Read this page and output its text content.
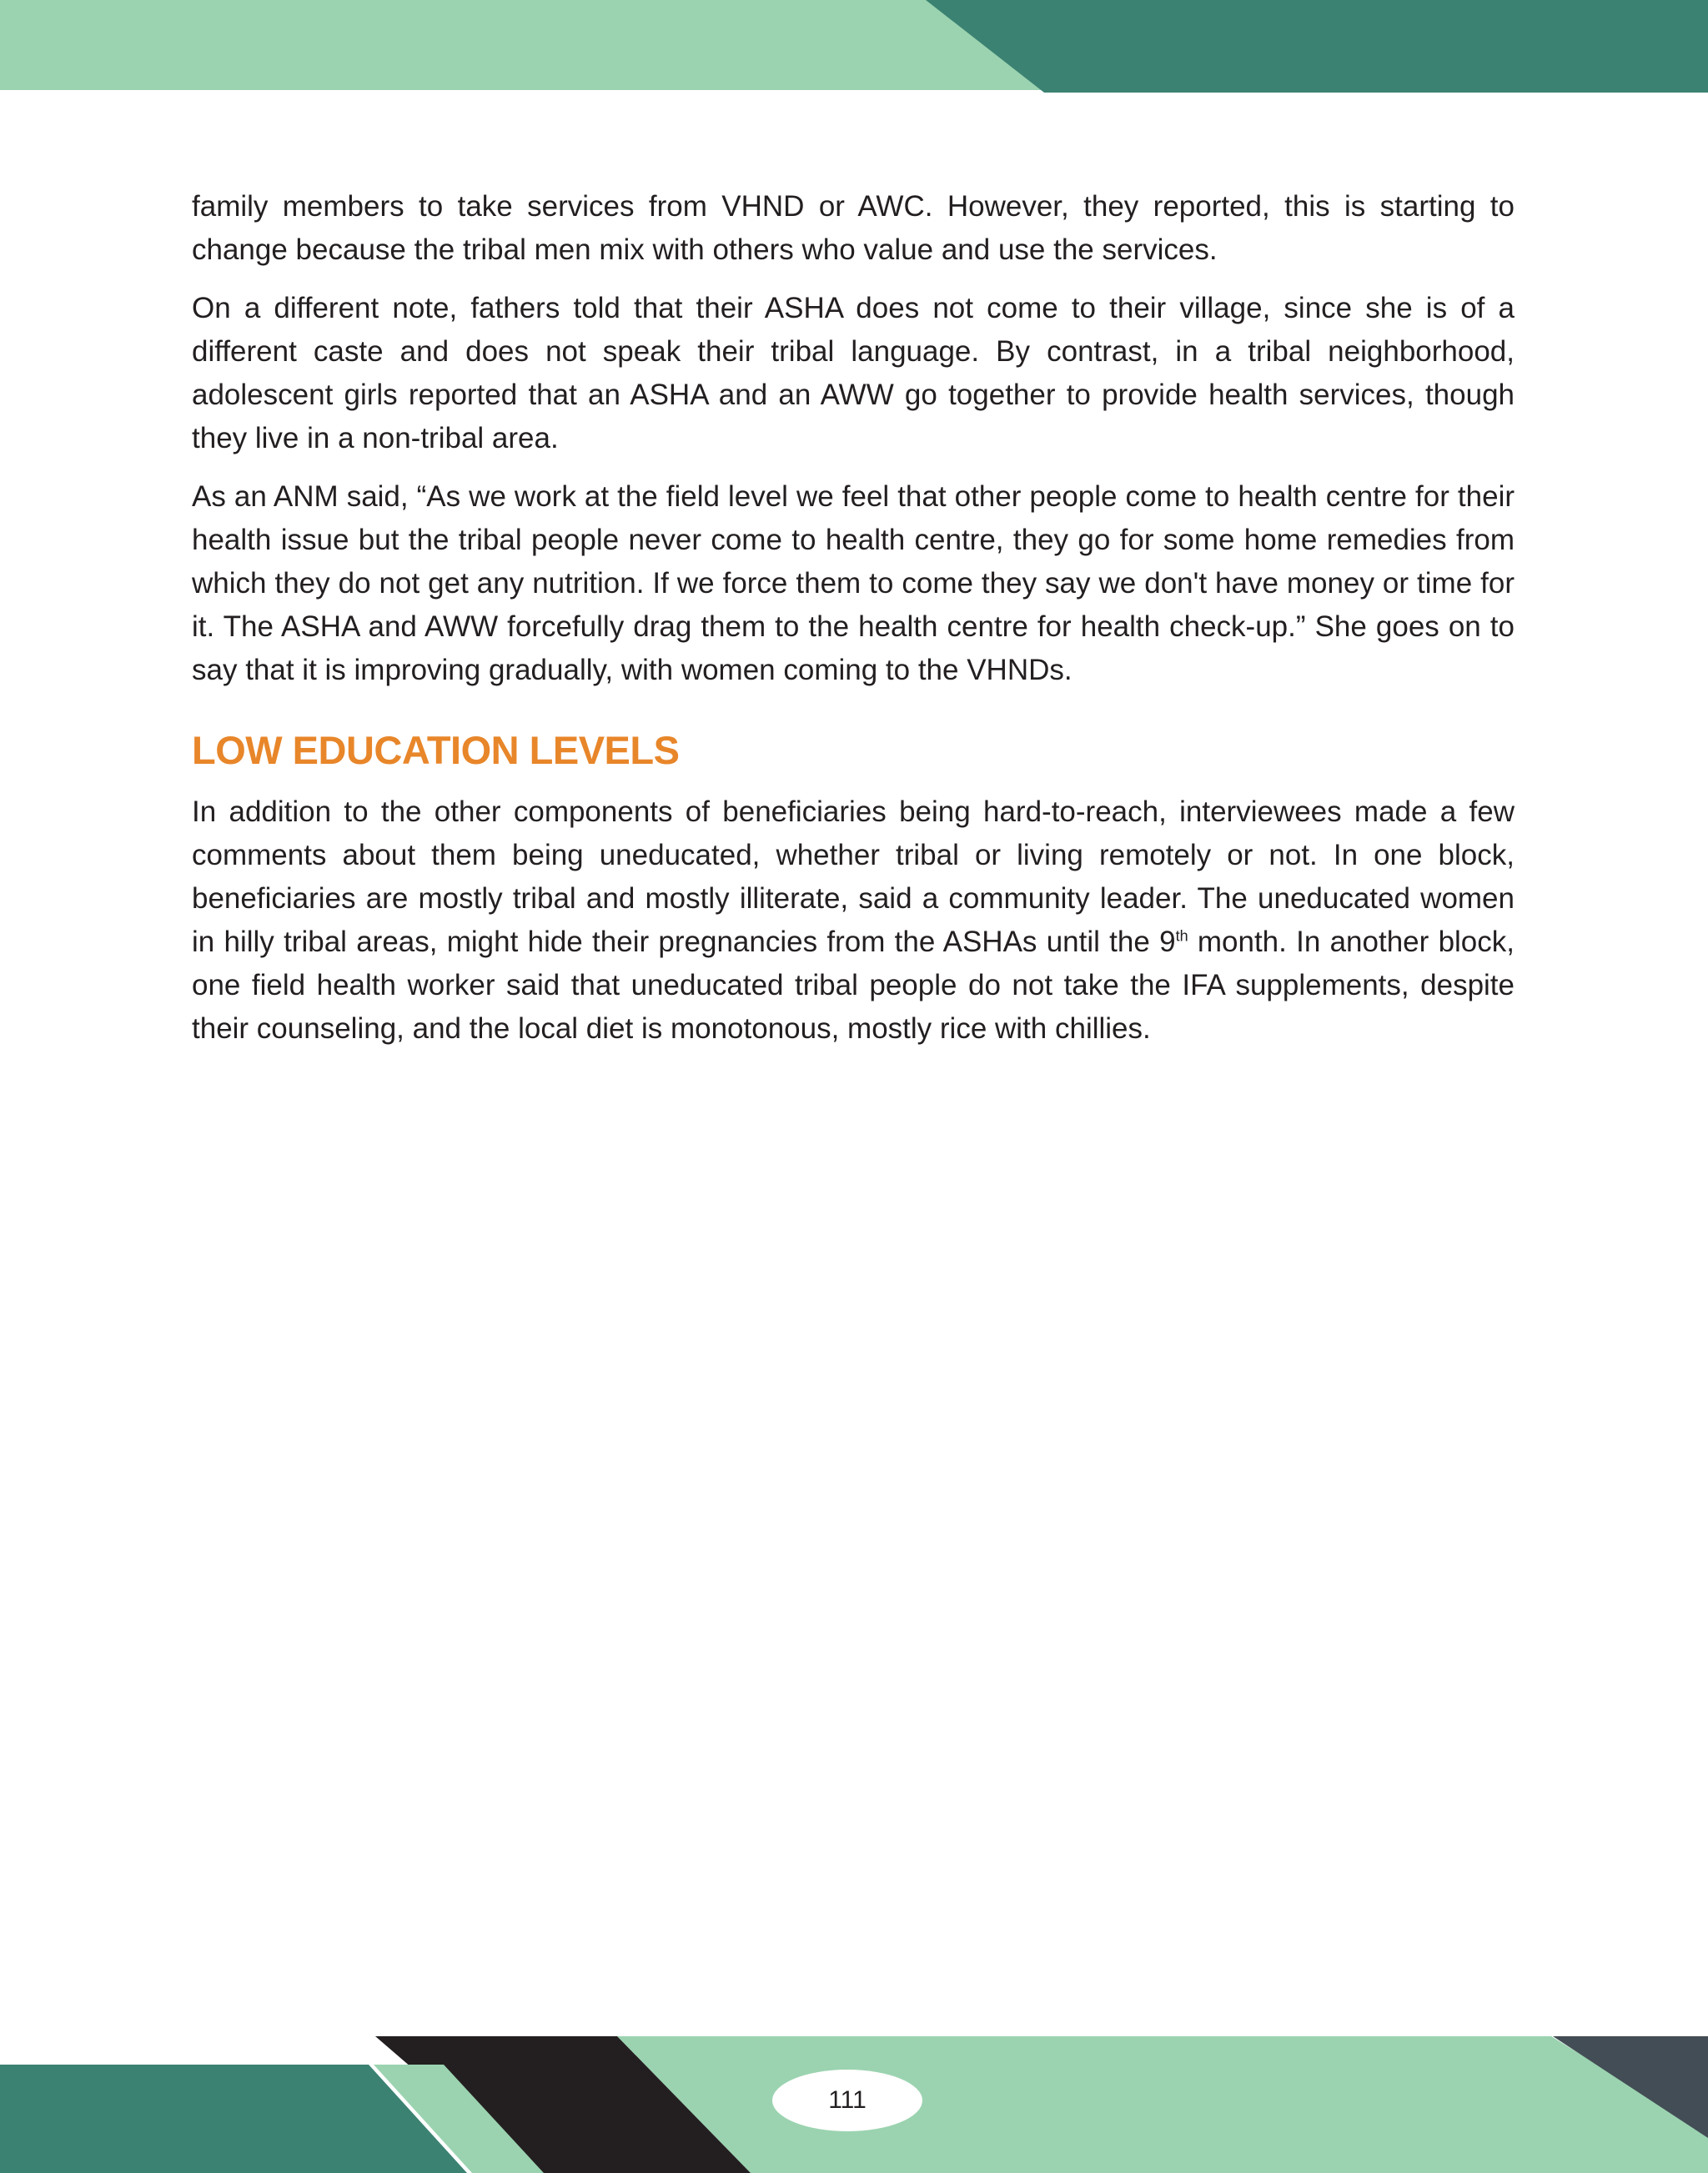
family members to take services from VHND or AWC. However, they reported, this is starting to change because the tribal men mix with others who value and use the services.

On a different note, fathers told that their ASHA does not come to their village, since she is of a different caste and does not speak their tribal language. By contrast, in a tribal neighborhood, adolescent girls reported that an ASHA and an AWW go together to provide health services, though they live in a non-tribal area.

As an ANM said, “As we work at the field level we feel that other people come to health centre for their health issue but the tribal people never come to health centre, they go for some home remedies from which they do not get any nutrition. If we force them to come they say we don't have money or time for it. The ASHA and AWW forcefully drag them to the health centre for health check-up.” She goes on to say that it is improving gradually, with women coming to the VHNDs.

LOW EDUCATION LEVELS

In addition to the other components of beneficiaries being hard-to-reach, interviewees made a few comments about them being uneducated, whether tribal or living remotely or not. In one block, beneficiaries are mostly tribal and mostly illiterate, said a community leader. The uneducated women in hilly tribal areas, might hide their pregnancies from the ASHAs until the 9th month. In another block, one field health worker said that uneducated tribal people do not take the IFA supplements, despite their counseling, and the local diet is monotonous, mostly rice with chillies.

111
